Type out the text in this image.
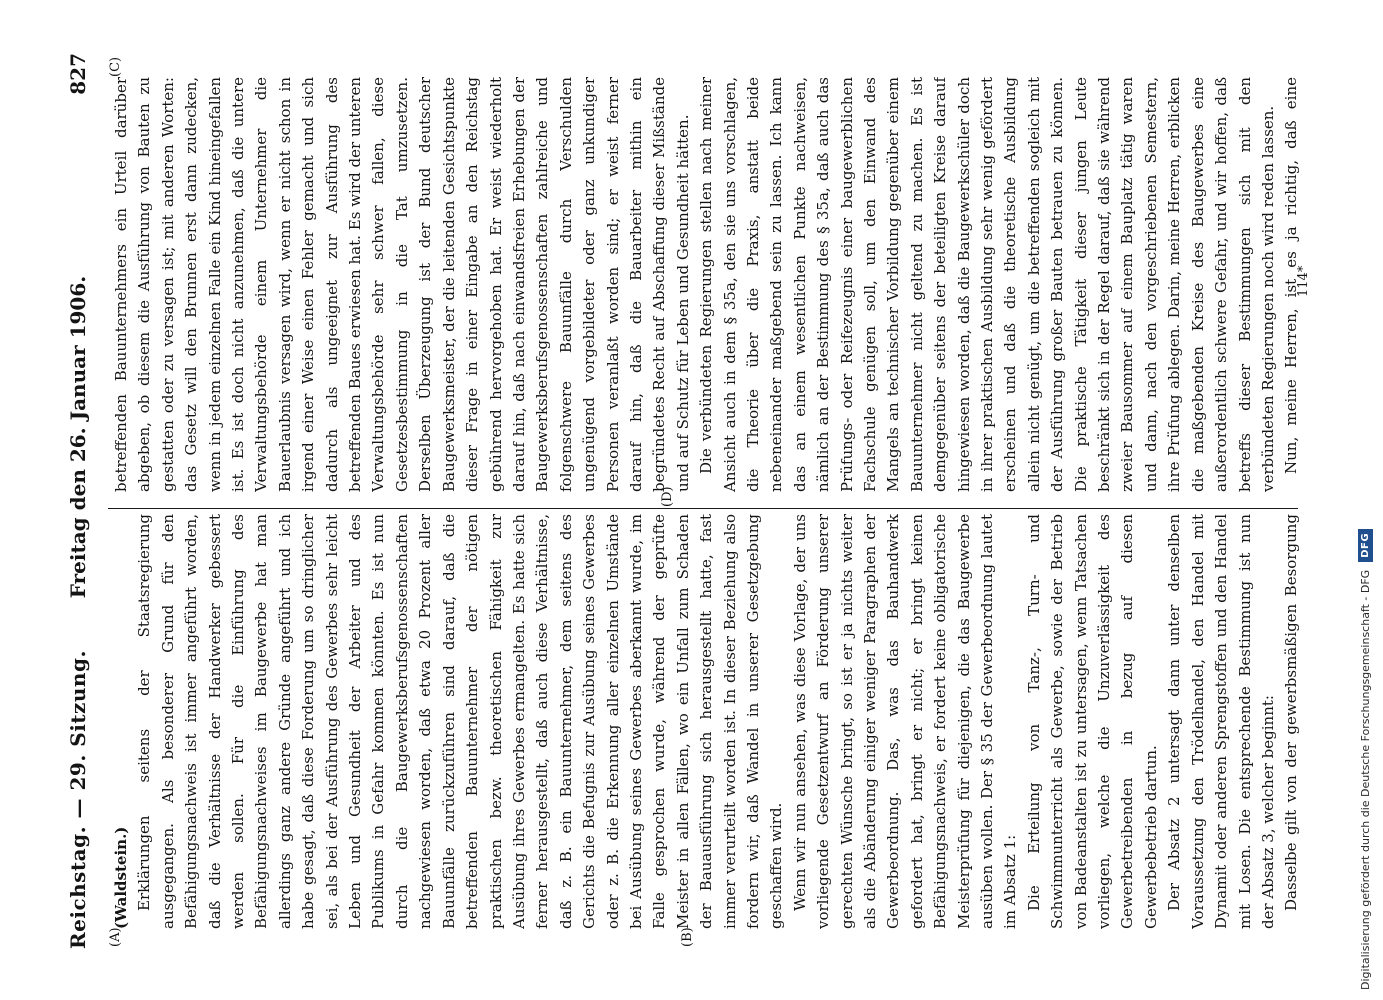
Reichstag. — 29. Sitzung.
Freitag den 26. Januar 1906.
827
(A)	(B)
(C)
(D)

(Waldstein.) Erklärungen seitens der Staatsregierung ausgegangen. Als besonderer Grund für den Befähigungsnachweis ist immer angeführt worden, daß die Verhältnisse der Handwerker gebessert werden sollen. Für die Einführung des Befähigungsnachweises im Baugewerbe hat man allerdings ganz andere Gründe angeführt und ich habe gesagt, daß diese Forderung um so dringlicher sei, als bei der Ausführung des Gewerbes sehr leicht Leben und Gesundheit der Arbeiter und des Publikums in Gefahr kommen könnten. Es ist nun durch die Baugewerksberufsgenossenschaften nachgewiesen worden, daß etwa 20 Prozent aller Bauunfälle zurückzuführen sind darauf, daß die betreffenden Bauunternehmer der nötigen praktischen bezw. theoretischen Fähigkeit zur Ausübung ihres Gewerbes ermangelten. Es hatte sich ferner herausgestellt, daß auch diese Verhältnisse, daß z. B. ein Bauunternehmer, dem seitens des Gerichts die Befugnis zur Ausübung seines Gewerbes oder z. B. die Erkennung aller einzelnen Umstände bei Ausübung seines Gewerbes aberkannt wurde, im Falle gesprochen wurde, während der geprüfte Meister in allen Fällen, wo ein Unfall zum Schaden der Bauausführung sich herausgestellt hatte, fast immer verurteilt worden ist. In dieser Beziehung also fordern wir, daß Wandel in unserer Gesetzgebung geschaffen wird. Wenn wir nun ansehen, was diese Vorlage, der uns vorliegende Gesetzentwurf an Förderung unserer gerechten Wünsche bringt, so ist er ja nichts weiter als die Abänderung einiger weniger Paragraphen der Gewerbeordnung. Das, was das Bauhandwerk gefordert hat, bringt er nicht; er bringt keinen Befähigungsnachweis, er fordert keine obligatorische Meisterprüfung für diejenigen, die das Baugewerbe ausüben wollen. Der § 35 der Gewerbeordnung lautet im Absatz 1: Die Erteilung von Tanz-, Turn- und Schwimmunterricht als Gewerbe, sowie der Betrieb von Badeanstalten ist zu untersagen, wenn Tatsachen vorliegen, welche die Unzuverlässigkeit des Gewerbetreibenden in bezug auf diesen Gewerbebetrieb dartun. Der Absatz 2 untersagt dann unter denselben Voraussetzung den Trödelhandel, den Handel mit Dynamit oder anderen Sprengstoffen und den Handel mit Losen. Die entsprechende Bestimmung ist nun der Absatz 3, welcher beginnt: Dasselbe gilt von der gewerbsmäßigen Besorgung

betreffenden Bauunternehmers ein Urteil darüber abgeben, ob diesem die Ausführung von Bauten zu gestatten oder zu versagen ist; mit anderen Worten: das Gesetz will den Brunnen erst dann zudecken, wenn in jedem einzelnen Falle ein Kind hineingefallen ist. Es ist doch nicht anzunehmen, daß die untere Verwaltungsbehörde einem Unternehmer die Bauerlaubnis versagen wird, wenn er nicht schon in irgend einer Weise einen Fehler gemacht und sich dadurch als ungeeignet zur Ausführung des betreffenden Baues erwiesen hat. Es wird der unteren Verwaltungsbehörde sehr schwer fallen, diese Gesetzesbestimmung in die Tat umzusetzen. Derselben Überzeugung ist der Bund deutscher Baugewerksmeister, der die leitenden Gesichtspunkte dieser Frage in einer Eingabe an den Reichstag gebührend hervorgehoben hat. Er weist wiederholt darauf hin, daß nach einwandsfreien Erhebungen der Baugewerksberufsgenossenschaften zahlreiche und folgenschwere Bauunfälle durch Verschulden ungenügend vorgebildeter oder ganz unkundiger Personen veranlaßt worden sind; er weist ferner darauf hin, daß die Bauarbeiter mithin ein begründetes Recht auf Abschaffung dieser Mißstände und auf Schutz für Leben und Gesundheit hätten. Die verbündeten Regierungen stellen nach meiner Ansicht auch in dem § 35a, den sie uns vorschlagen, die Theorie über die Praxis, anstatt beide nebeneinander maßgebend sein zu lassen. Ich kann das an einem wesentlichen Punkte nachweisen, nämlich an der Bestimmung des § 35a, daß auch das Prüfungs- oder Reifezeugnis einer baugewerblichen Fachschule genügen soll, um den Einwand des Mangels an technischer Vorbildung gegenüber einem Bauunternehmer nicht geltend zu machen. Es ist demgegenüber seitens der beteiligten Kreise darauf hingewiesen worden, daß die Baugewerkschüler doch in ihrer praktischen Ausbildung sehr wenig gefördert erscheinen und daß die theoretische Ausbildung allein nicht genügt, um die betreffenden sogleich mit der Ausführung großer Bauten betrauen zu können. Die praktische Tätigkeit dieser jungen Leute beschränkt sich in der Regel darauf, daß sie während zweier Bausommer auf einem Bauplatz tätig waren und dann, nach den vorgeschriebenen Semestern, ihre Prüfung ablegen. Darin, meine Herren, erblicken die maßgebenden Kreise des Baugewerbes eine außerordentlich schwere Gefahr, und wir hoffen, daß betreffs dieser Bestimmungen sich mit den verbündeten Regierungen noch wird reden lassen. Nun, meine Herren, ist es ja richtig, daß eine

114*
Digitalisierung gefördert durch die Deutsche Forschungsgemeinschaft - DFG
DFG
